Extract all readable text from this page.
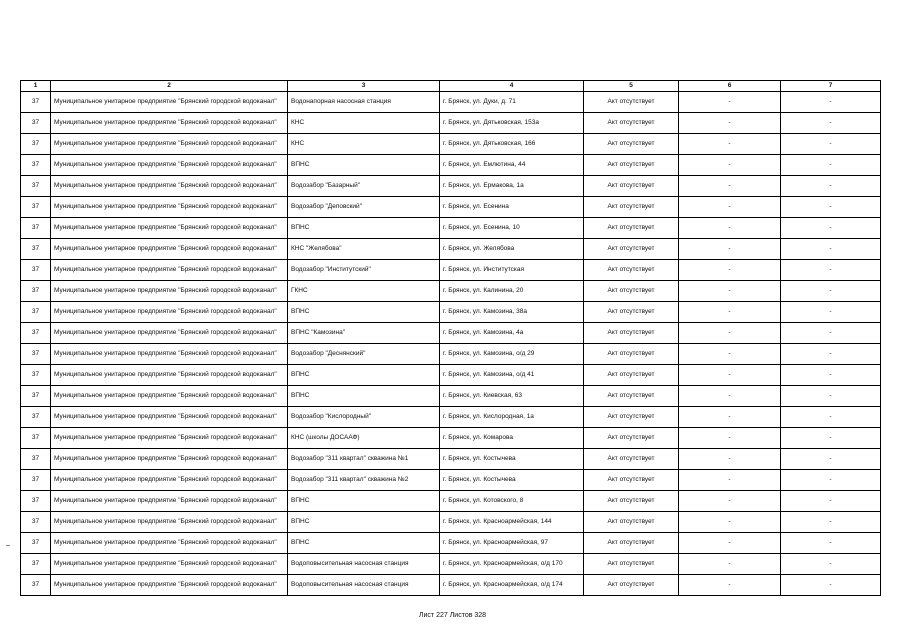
1	2	3	4	5	6	7
37	Муниципальное унитарное предприятие "Брянский городской водоканал"	Водонапорная насосная станция	г. Брянск, ул. Дуки, д. 71	Акт отсутствует	-	-
37	Муниципальное унитарное предприятие "Брянский городской водоканал"	КНС	г. Брянск, ул. Дятьковская, 153а	Акт отсутствует	-	-
37	Муниципальное унитарное предприятие "Брянский городской водоканал"	КНС	г. Брянск, ул. Дятьковская, 166	Акт отсутствует	-	-
37	Муниципальное унитарное предприятие "Брянский городской водоканал"	ВПНС	г. Брянск, ул. Емлютина, 44	Акт отсутствует	-	-
37	Муниципальное унитарное предприятие "Брянский городской водоканал"	Водозабор "Базарный"	г. Брянск, ул. Ермакова, 1а	Акт отсутствует	-	-
37	Муниципальное унитарное предприятие "Брянский городской водоканал"	Водозабор "Деповский"	г. Брянск, ул. Есенина	Акт отсутствует	-	-
37	Муниципальное унитарное предприятие "Брянский городской водоканал"	ВПНС	г. Брянск, ул. Есенина, 10	Акт отсутствует	-	-
37	Муниципальное унитарное предприятие "Брянский городской водоканал"	КНС "Желябова"	г. Брянск, ул. Желябова	Акт отсутствует	-	-
37	Муниципальное унитарное предприятие "Брянский городской водоканал"	Водозабор "Институтский"	г. Брянск, ул. Институтская	Акт отсутствует	-	-
37	Муниципальное унитарное предприятие "Брянский городской водоканал"	ГКНС	г. Брянск, ул. Калинина, 20	Акт отсутствует	-	-
37	Муниципальное унитарное предприятие "Брянский городской водоканал"	ВПНС	г. Брянск, ул. Камозина, 38а	Акт отсутствует	-	-
37	Муниципальное унитарное предприятие "Брянский городской водоканал"	ВПНС "Камозина"	г. Брянск, ул. Камозина, 4а	Акт отсутствует	-	-
37	Муниципальное унитарное предприятие "Брянский городской водоканал"	Водозабор "Деснянский"	г. Брянск, ул. Камозина, о/д 29	Акт отсутствует	-	-
37	Муниципальное унитарное предприятие "Брянский городской водоканал"	ВПНС	г. Брянск, ул. Камозина, о/д 41	Акт отсутствует	-	-
37	Муниципальное унитарное предприятие "Брянский городской водоканал"	ВПНС	г. Брянск, ул. Киевская, 63	Акт отсутствует	-	-
37	Муниципальное унитарное предприятие "Брянский городской водоканал"	Водозабор "Кислородный"	г. Брянск, ул. Кислородная, 1а	Акт отсутствует	-	-
37	Муниципальное унитарное предприятие "Брянский городской водоканал"	КНС (школы ДОСААФ)	г. Брянск, ул. Комарова	Акт отсутствует	-	-
37	Муниципальное унитарное предприятие "Брянский городской водоканал"	Водозабор "311 квартал" скважина №1	г. Брянск, ул. Костычева	Акт отсутствует	-	-
37	Муниципальное унитарное предприятие "Брянский городской водоканал"	Водозабор "311 квартал" скважина №2	г. Брянск, ул. Костычева	Акт отсутствует	-	-
37	Муниципальное унитарное предприятие "Брянский городской водоканал"	ВПНС	г. Брянск, ул. Котовского, 8	Акт отсутствует	-	-
37	Муниципальное унитарное предприятие "Брянский городской водоканал"	ВПНС	г. Брянск, ул. Красноармейская, 144	Акт отсутствует	-	-
37	Муниципальное унитарное предприятие "Брянский городской водоканал"	ВПНС	г. Брянск, ул. Красноармейская, 97	Акт отсутствует	-	-
37	Муниципальное унитарное предприятие "Брянский городской водоканал"	Водоповысительная насосная станция	г. Брянск, ул. Красноармейская, о/д 170	Акт отсутствует	-	-
37	Муниципальное унитарное предприятие "Брянский городской водоканал"	Водоповысительная насосная станция	г. Брянск, ул. Красноармейская, о/д 174	Акт отсутствует	-	-
Лист 227 Листов 328
